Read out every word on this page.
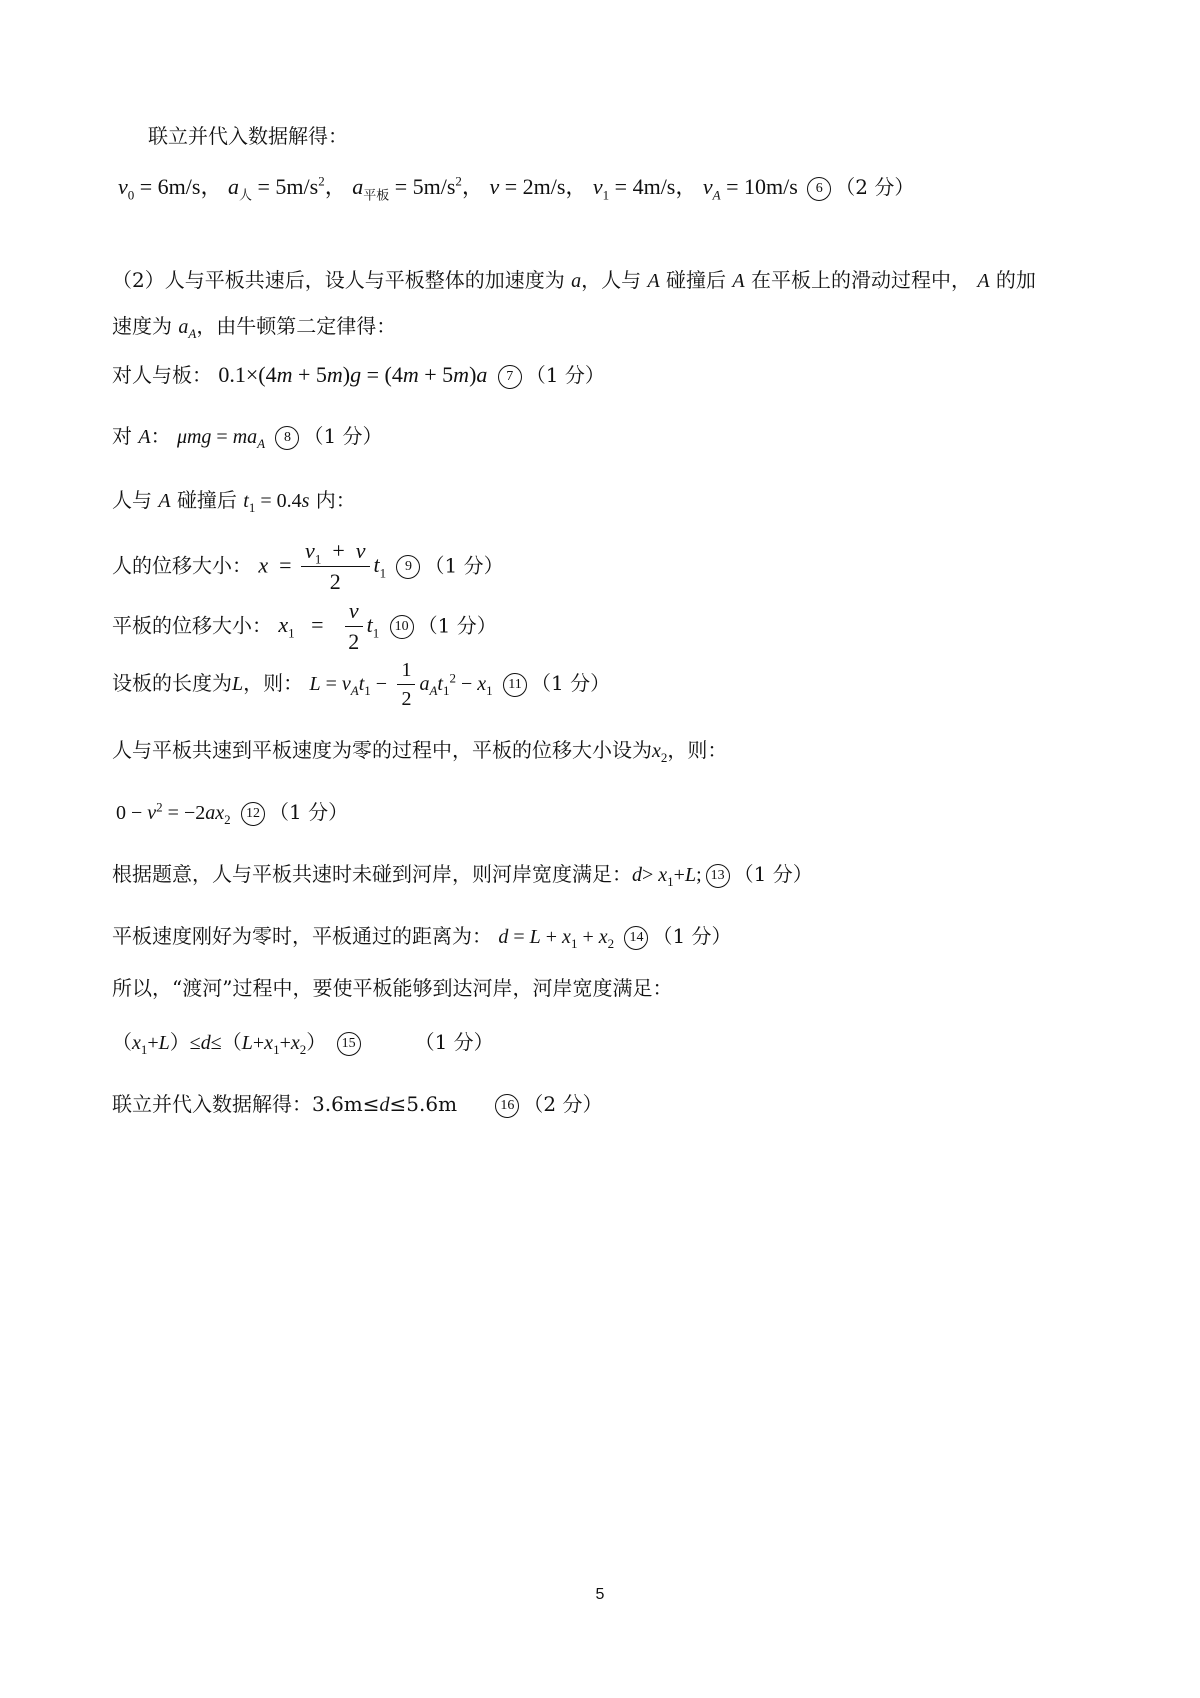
联立并代入数据解得：
$v_0 = 6m/s$， $a_人 = 5m/s^2$， $a_{平板} = 5m/s^2$， v = 2m/s， $v_1 = 4m/s$， $v_A = 10m/s$ 6 （2 分）
（2）人与平板共速后，设人与平板整体的加速度为 a，人与 A 碰撞后 A 在平板上的滑动过程中， A 的加
速度为 $a_A$，由牛顿第二定律得：
对人与板： 0.1×(4m + 5m)g = (4m + 5m)a 7 （1 分）
对 A： $\mu mg = ma_A$ 8 （1 分）
人与 A 碰撞后 $t_1 = 0.4s$ 内：
人的位移大小： $x = \frac{v_1 + v}{2} t_1$ 9 （1 分）
平板的位移大小： $x_1 = \frac{v}{2} t_1$ 10 （1 分）
设板的长度为L，则： $L = v_At_1 - \frac{1}{2} a_At_1^2 - x_1$ 11 （1 分）
人与平板共速到平板速度为零的过程中，平板的位移大小设为$x_2$，则：
$0 - v^2 = -2ax_2$ 12 （1 分）
根据题意，人与平板共速时未碰到河岸，则河岸宽度满足：$d> x_1+L$; 13 （1 分）
平板速度刚好为零时，平板通过的距离为： $d = L + x_1 + x_2$ 14 （1 分）
所以，“渡河”过程中，要使平板能够到达河岸，河岸宽度满足：
$(x_1+L)\le d\le(L+x_1+x_2)$ 15	（1 分）
联立并代入数据解得：3.6m≤d≤5.6m	16 （2 分）
5
